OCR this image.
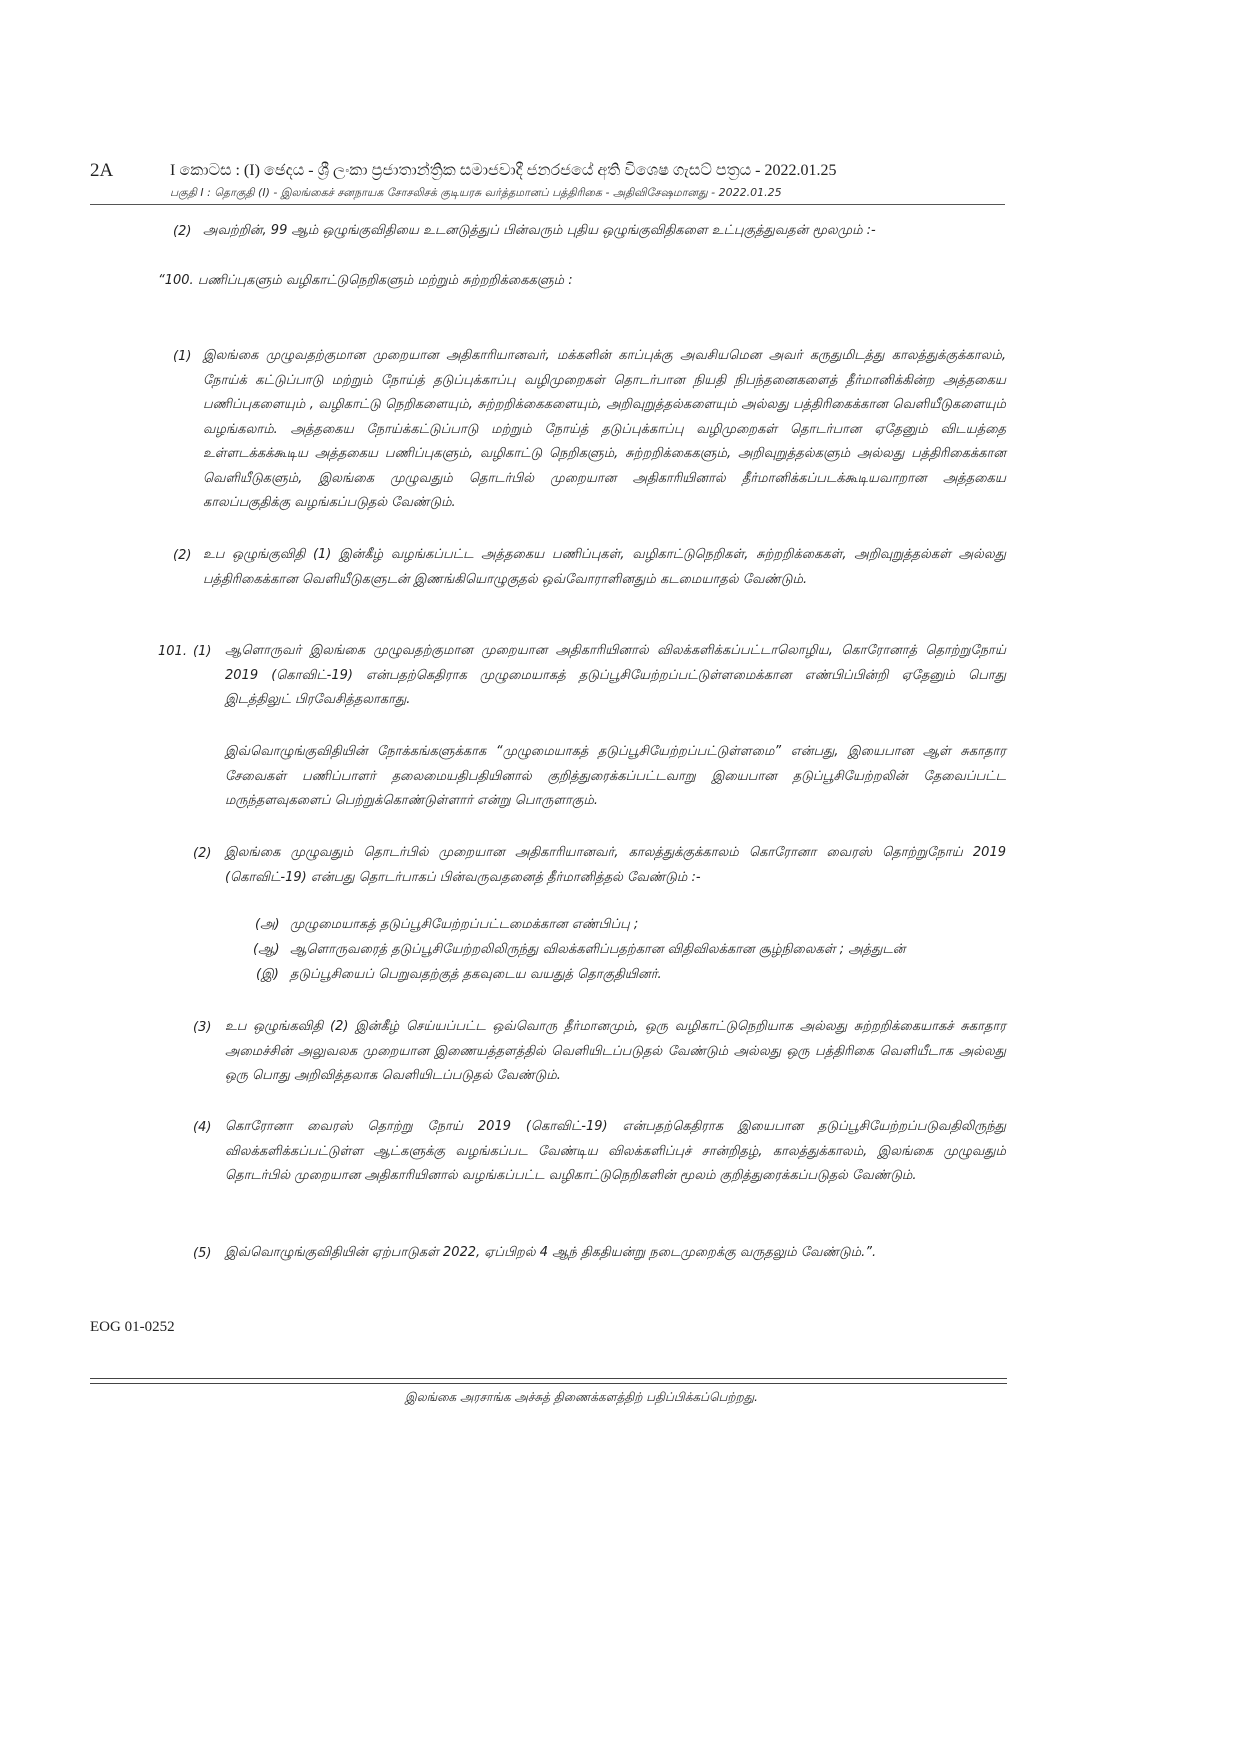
2A	I කොටස : (I) ඡෙදය - ශ්‍රී ලංකා ප්‍රජාතාන්ත්‍රික සමාජවාදී ජනරජයේ අති විශෙෂ ගැසට් පත්‍රය - 2022.01.25
பகுதி I : தொகுதி (I) - இலங்கைச் சனநாயக சோசலிசக் குடியரசு வர்த்தமானப் பத்திரிகை - அதிவிசேஷமானது - 2022.01.25
(2) அவற்றின், 99 ஆம் ஒழுங்குவிதியை உடனடுத்துப் பின்வரும் புதிய ஒழுங்குவிதிகளை உட்புகுத்துவதன் மூலமும் :-
“100. பணிப்புகளும் வழிகாட்டுநெறிகளும் மற்றும் சுற்றறிக்கைகளும் :
(1) இலங்கை முழுவதற்குமான முறையான அதிகாரியானவர், மக்களின் காப்புக்கு அவசியமென அவர் கருதுமிடத்து காலத்துக்குக்காலம், நோய்க் கட்டுப்பாடு மற்றும் நோய்த் தடுப்புக்காப்பு வழிமுறைகள் தொடர்பான நியதி நிபந்தனைகளைத் தீர்மானிக்கின்ற அத்தகைய பணிப்புகளையும் , வழிகாட்டு நெறிகளையும், சுற்றறிக்கைகளையும், அறிவுறுத்தல்களையும் அல்லது பத்திரிகைக்கான வெளியீடுகளையும் வழங்கலாம். அத்தகைய நோய்க்கட்டுப்பாடு மற்றும் நோய்த் தடுப்புக்காப்பு வழிமுறைகள் தொடர்பான ஏதேனும் விடயத்தை உள்ளடக்கக்கூடிய அத்தகைய பணிப்புகளும், வழிகாட்டு நெறிகளும், சுற்றறிக்கைகளும், அறிவுறுத்தல்களும் அல்லது பத்திரிகைக்கான வெளியீடுகளும், இலங்கை முழுவதும் தொடர்பில் முறையான அதிகாரியினால் தீர்மானிக்கப்படக்கூடியவாறான அத்தகைய காலப்பகுதிக்கு வழங்கப்படுதல் வேண்டும்.
(2) உப ஒழுங்குவிதி (1) இன்கீழ் வழங்கப்பட்ட அத்தகைய பணிப்புகள், வழிகாட்டுநெறிகள், சுற்றறிக்கைகள், அறிவுறுத்தல்கள் அல்லது பத்திரிகைக்கான வெளியீடுகளுடன் இணங்கியொழுகுதல் ஒவ்வோராளினதும் கடமையாதல் வேண்டும்.
101. (1) ஆளொருவர் இலங்கை முழுவதற்குமான முறையான அதிகாரியினால் விலக்களிக்கப்பட்டாலொழிய, கொரோனாத் தொற்றுநோய் 2019 (கொவிட்-19) என்பதற்கெதிராக முழுமையாகத் தடுப்பூசியேற்றப்பட்டுள்ளமைக்கான எண்பிப்பின்றி ஏதேனும் பொது இடத்திலுட் பிரவேசித்தலாகாது.
இவ்வொழுங்குவிதியின் நோக்கங்களுக்காக “முழுமையாகத் தடுப்பூசியேற்றப்பட்டுள்ளமை” என்பது, இயைபான ஆள் சுகாதார சேவைகள் பணிப்பாளர் தலைமையதிபதியினால் குறித்துரைக்கப்பட்டவாறு இயைபான தடுப்பூசியேற்றலின் தேவைப்பட்ட மருந்தளவுகளைப் பெற்றுக்கொண்டுள்ளார் என்று பொருளாகும்.
(2) இலங்கை முழுவதும் தொடர்பில் முறையான அதிகாரியானவர், காலத்துக்குக்காலம் கொரோனா வைரஸ் தொற்றுநோய் 2019 (கொவிட்-19) என்பது தொடர்பாகப் பின்வருவதனைத் தீர்மானித்தல் வேண்டும் :-
(அ) முழுமையாகத் தடுப்பூசியேற்றப்பட்டமைக்கான எண்பிப்பு ;
(ஆ) ஆளொருவரைத் தடுப்பூசியேற்றலிலிருந்து விலக்களிப்பதற்கான விதிவிலக்கான சூழ்நிலைகள் ; அத்துடன்
(இ) தடுப்பூசியைப் பெறுவதற்குத் தகவுடைய வயதுத் தொகுதியினர்.
(3) உப ஒழுங்கவிதி (2) இன்கீழ் செய்யப்பட்ட ஒவ்வொரு தீர்மானமும், ஒரு வழிகாட்டுநெறியாக அல்லது சுற்றறிக்கையாகச் சுகாதார அமைச்சின் அலுவலக முறையான இணையத்தளத்தில் வெளியிடப்படுதல் வேண்டும் அல்லது ஒரு பத்திரிகை வெளியீடாக அல்லது ஒரு பொது அறிவித்தலாக வெளியிடப்படுதல் வேண்டும்.
(4) கொரோனா வைரஸ் தொற்று நோய் 2019 (கொவிட்-19) என்பதற்கெதிராக இயைபான தடுப்பூசியேற்றப்படுவதிலிருந்து விலக்களிக்கப்பட்டுள்ள ஆட்களுக்கு வழங்கப்பட வேண்டிய விலக்களிப்புச் சான்றிதழ், காலத்துக்காலம், இலங்கை முழுவதும் தொடர்பில் முறையான அதிகாரியினால் வழங்கப்பட்ட வழிகாட்டுநெறிகளின் மூலம் குறித்துரைக்கப்படுதல் வேண்டும்.
(5) இவ்வொழுங்குவிதியின் ஏற்பாடுகள் 2022, ஏப்பிறல் 4 ஆந் திகதியன்று நடைமுறைக்கு வருதலும் வேண்டும்.”.
EOG 01-0252
இலங்கை அரசாங்க அச்சுத் திணைக்களத்திற் பதிப்பிக்கப்பெற்றது.
